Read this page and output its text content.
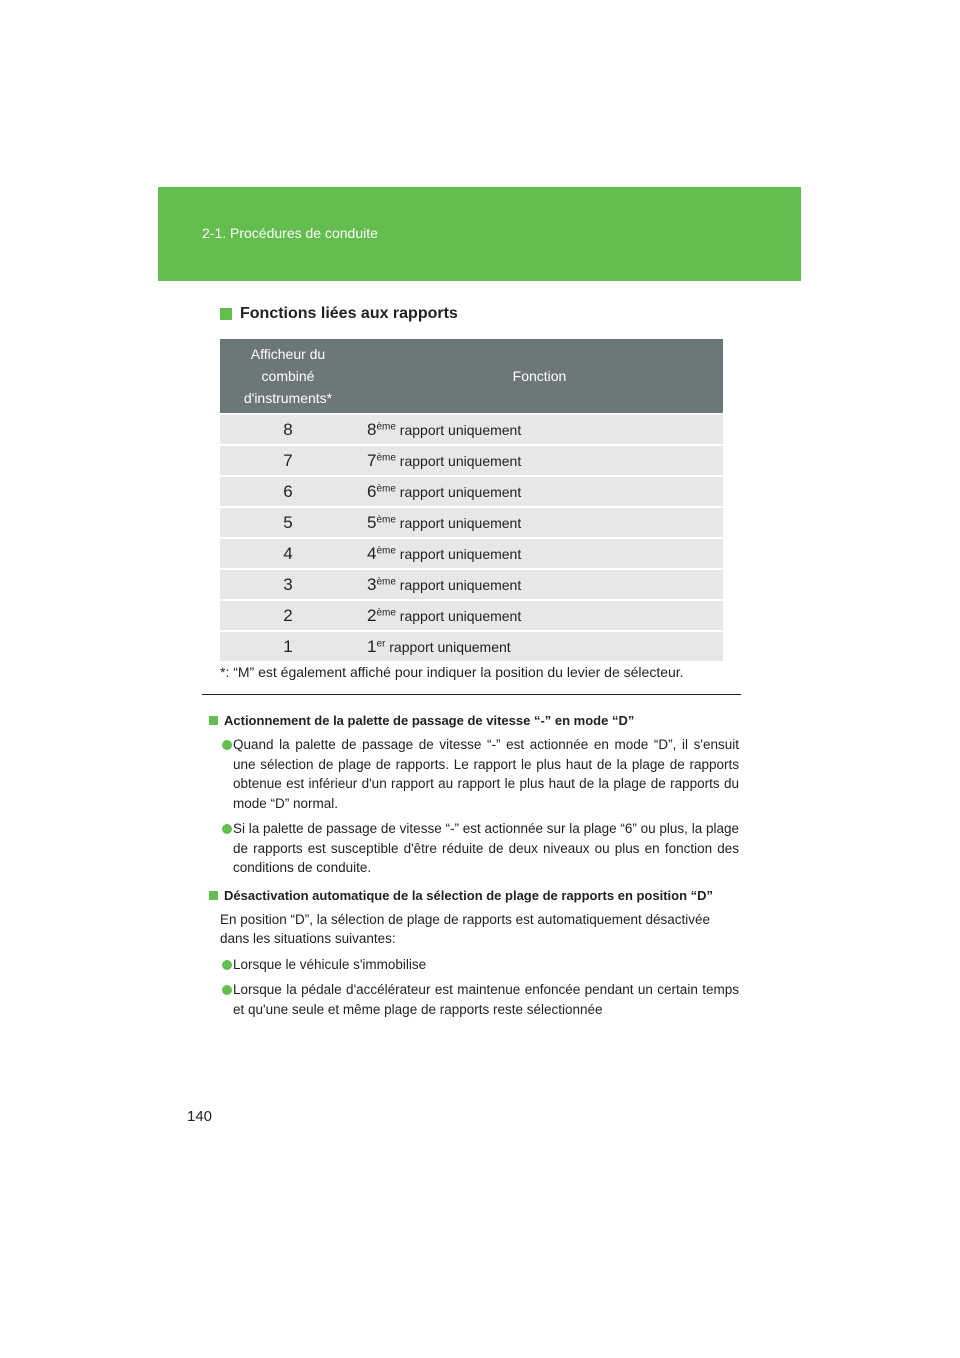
2-1. Procédures de conduite
Fonctions liées aux rapports
Afficheur du
combiné
d'instruments*	Fonction
8	8ème rapport uniquement
7	7ème rapport uniquement
6	6ème rapport uniquement
5	5ème rapport uniquement
4	4ème rapport uniquement
3	3ème rapport uniquement
2	2ème rapport uniquement
1	1er rapport uniquement
*: “M” est également affiché pour indiquer la position du levier de sélecteur.
Actionnement de la palette de passage de vitesse “-” en mode “D”
Quand la palette de passage de vitesse “-” est actionnée en mode “D”, il s'ensuit une sélection de plage de rapports. Le rapport le plus haut de la plage de rapports obtenue est inférieur d'un rapport au rapport le plus haut de la plage de rapports du mode “D” normal.
Si la palette de passage de vitesse “-” est actionnée sur la plage “6” ou plus, la plage de rapports est susceptible d'être réduite de deux niveaux ou plus en fonction des conditions de conduite.
Désactivation automatique de la sélection de plage de rapports en position “D”
En position “D”, la sélection de plage de rapports est automatiquement désactivée dans les situations suivantes:
Lorsque le véhicule s'immobilise
Lorsque la pédale d'accélérateur est maintenue enfoncée pendant un certain temps et qu'une seule et même plage de rapports reste sélectionnée
140
